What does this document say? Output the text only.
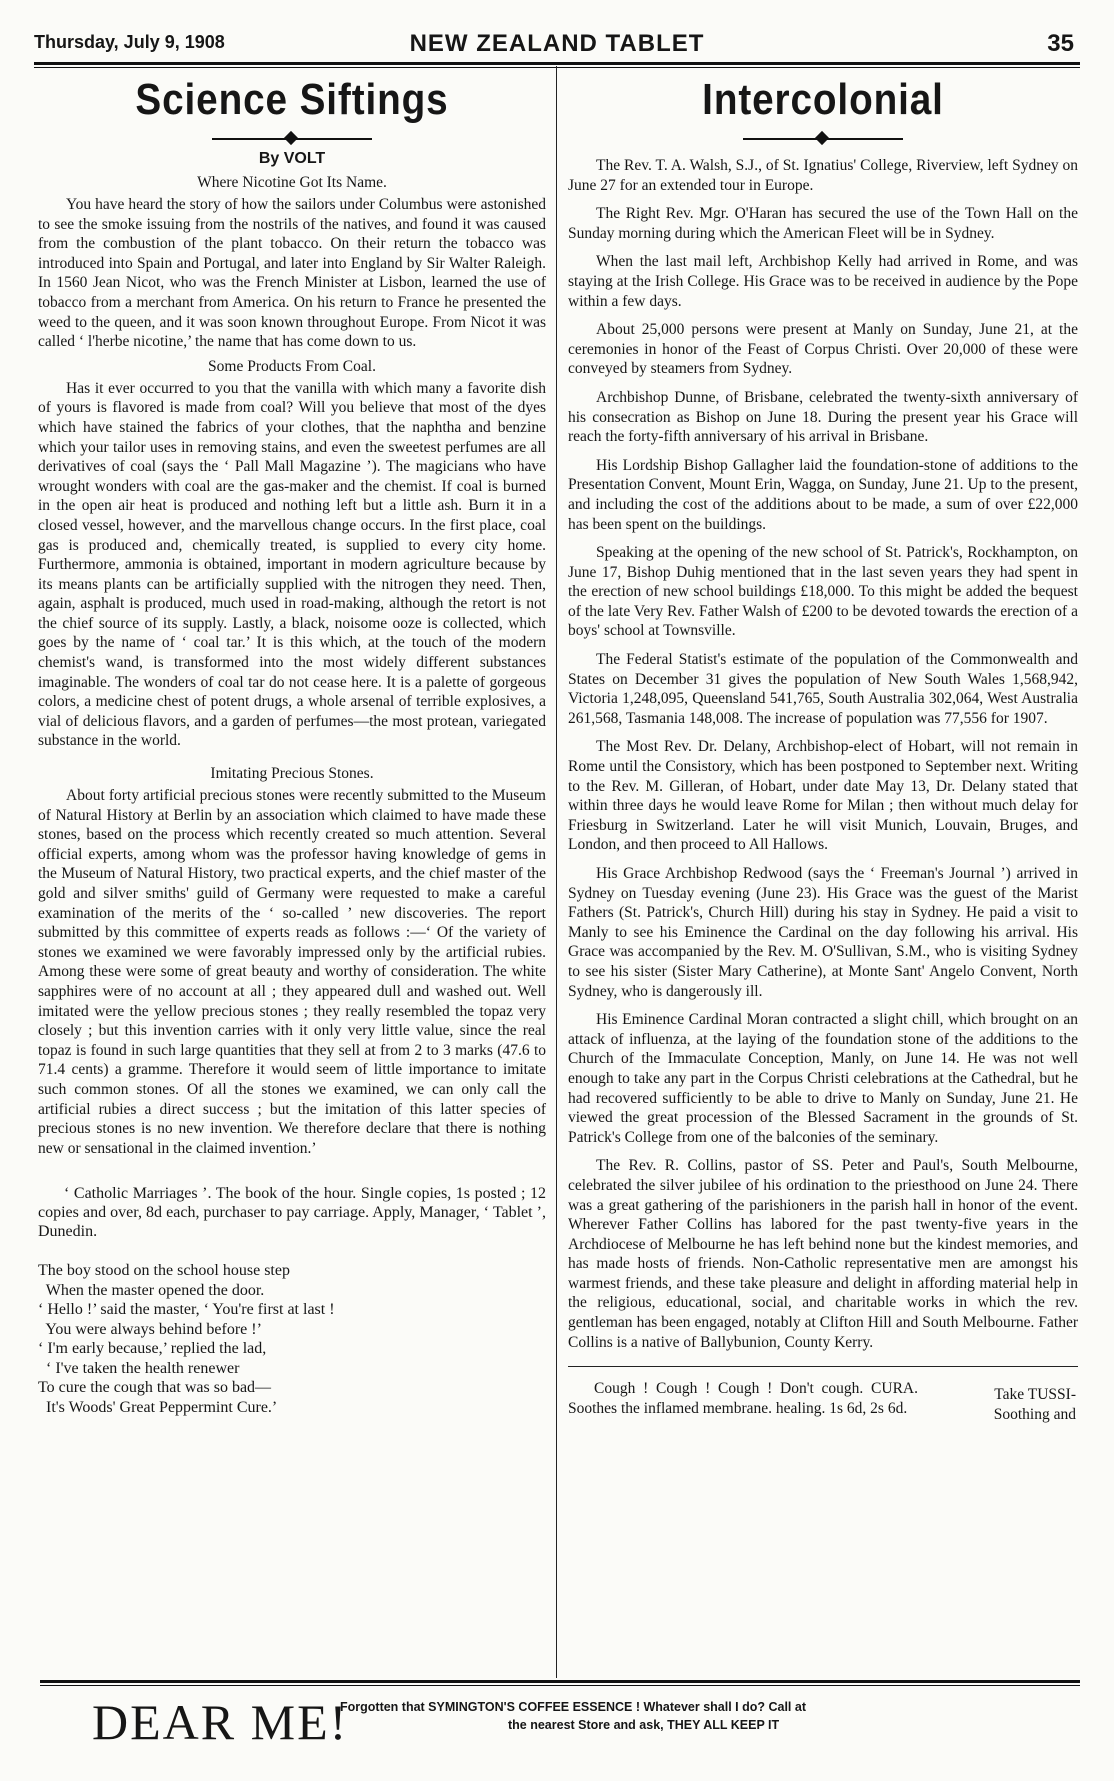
Thursday, July 9, 1908	NEW ZEALAND TABLET	35
Science Siftings
By VOLT
Where Nicotine Got Its Name.

You have heard the story of how the sailors under Columbus were astonished to see the smoke issuing from the nostrils of the natives, and found it was caused from the combustion of the plant tobacco. On their return the tobacco was introduced into Spain and Portugal, and later into England by Sir Walter Raleigh. In 1560 Jean Nicot, who was the French Minister at Lisbon, learned the use of tobacco from a merchant from America. On his return to France he presented the weed to the queen, and it was soon known throughout Europe. From Nicot it was called ‘ l'herbe nicotine,’ the name that has come down to us.

Some Products From Coal.

Has it ever occurred to you that the vanilla with which many a favorite dish of yours is flavored is made from coal? Will you believe that most of the dyes which have stained the fabrics of your clothes, that the naphtha and benzine which your tailor uses in removing stains, and even the sweetest perfumes are all derivatives of coal (says the ‘ Pall Mall Magazine ’). The magicians who have wrought wonders with coal are the gas-maker and the chemist. If coal is burned in the open air heat is produced and nothing left but a little ash. Burn it in a closed vessel, however, and the marvellous change occurs. In the first place, coal gas is produced and, chemically treated, is supplied to every city home. Furthermore, ammonia is obtained, important in modern agriculture because by its means plants can be artificially supplied with the nitrogen they need. Then, again, asphalt is produced, much used in road-making, although the retort is not the chief source of its supply. Lastly, a black, noisome ooze is collected, which goes by the name of ‘ coal tar.’ It is this which, at the touch of the modern chemist's wand, is transformed into the most widely different substances imaginable. The wonders of coal tar do not cease here. It is a palette of gorgeous colors, a medicine chest of potent drugs, a whole arsenal of terrible explosives, a vial of delicious flavors, and a garden of perfumes—the most protean, variegated substance in the world.

Imitating Precious Stones.

About forty artificial precious stones were recently submitted to the Museum of Natural History at Berlin by an association which claimed to have made these stones, based on the process which recently created so much attention. Several official experts, among whom was the professor having knowledge of gems in the Museum of Natural History, two practical experts, and the chief master of the gold and silver smiths' guild of Germany were requested to make a careful examination of the merits of the ‘ so-called ’ new discoveries. The report submitted by this committee of experts reads as follows :—‘ Of the variety of stones we examined we were favorably impressed only by the artificial rubies. Among these were some of great beauty and worthy of consideration. The white sapphires were of no account at all ; they appeared dull and washed out. Well imitated were the yellow precious stones ; they really resembled the topaz very closely ; but this invention carries with it only very little value, since the real topaz is found in such large quantities that they sell at from 2 to 3 marks (47.6 to 71.4 cents) a gramme. Therefore it would seem of little importance to imitate such common stones. Of all the stones we examined, we can only call the artificial rubies a direct success ; but the imitation of this latter species of precious stones is no new invention. We therefore declare that there is nothing new or sensational in the claimed invention.’

‘ Catholic Marriages ’. The book of the hour. Single copies, 1s posted ; 12 copies and over, 8d each, purchaser to pay carriage. Apply, Manager, ‘ Tablet ’, Dunedin.
The boy stood on the school house step
When the master opened the door.
‘ Hello !’ said the master, ‘ You're first at last !
You were always behind before !’
‘ I'm early because,’ replied the lad,
‘ I've taken the health renewer
To cure the cough that was so bad—
It's Woods' Great Peppermint Cure.’
Intercolonial

The Rev. T. A. Walsh, S.J., of St. Ignatius' College, Riverview, left Sydney on June 27 for an extended tour in Europe.

The Right Rev. Mgr. O'Haran has secured the use of the Town Hall on the Sunday morning during which the American Fleet will be in Sydney.

When the last mail left, Archbishop Kelly had arrived in Rome, and was staying at the Irish College. His Grace was to be received in audience by the Pope within a few days.

About 25,000 persons were present at Manly on Sunday, June 21, at the ceremonies in honor of the Feast of Corpus Christi. Over 20,000 of these were conveyed by steamers from Sydney.

Archbishop Dunne, of Brisbane, celebrated the twenty-sixth anniversary of his consecration as Bishop on June 18. During the present year his Grace will reach the forty-fifth anniversary of his arrival in Brisbane.

His Lordship Bishop Gallagher laid the foundation-stone of additions to the Presentation Convent, Mount Erin, Wagga, on Sunday, June 21. Up to the present, and including the cost of the additions about to be made, a sum of over £22,000 has been spent on the buildings.

Speaking at the opening of the new school of St. Patrick's, Rockhampton, on June 17, Bishop Duhig mentioned that in the last seven years they had spent in the erection of new school buildings £18,000. To this might be added the bequest of the late Very Rev. Father Walsh of £200 to be devoted towards the erection of a boys' school at Townsville.

The Federal Statist's estimate of the population of the Commonwealth and States on December 31 gives the population of New South Wales 1,568,942, Victoria 1,248,095, Queensland 541,765, South Australia 302,064, West Australia 261,568, Tasmania 148,008. The increase of population was 77,556 for 1907.

The Most Rev. Dr. Delany, Archbishop-elect of Hobart, will not remain in Rome until the Consistory, which has been postponed to September next. Writing to the Rev. M. Gilleran, of Hobart, under date May 13, Dr. Delany stated that within three days he would leave Rome for Milan ; then without much delay for Friesburg in Switzerland. Later he will visit Munich, Louvain, Bruges, and London, and then proceed to All Hallows.

His Grace Archbishop Redwood (says the ‘ Freeman's Journal ’) arrived in Sydney on Tuesday evening (June 23). His Grace was the guest of the Marist Fathers (St. Patrick's, Church Hill) during his stay in Sydney. He paid a visit to Manly to see his Eminence the Cardinal on the day following his arrival. His Grace was accompanied by the Rev. M. O'Sullivan, S.M., who is visiting Sydney to see his sister (Sister Mary Catherine), at Monte Sant' Angelo Convent, North Sydney, who is dangerously ill.

His Eminence Cardinal Moran contracted a slight chill, which brought on an attack of influenza, at the laying of the foundation stone of the additions to the Church of the Immaculate Conception, Manly, on June 14. He was not well enough to take any part in the Corpus Christi celebrations at the Cathedral, but he had recovered sufficiently to be able to drive to Manly on Sunday, June 21. He viewed the great procession of the Blessed Sacrament in the grounds of St. Patrick's College from one of the balconies of the seminary.

The Rev. R. Collins, pastor of SS. Peter and Paul's, South Melbourne, celebrated the silver jubilee of his ordination to the priesthood on June 24. There was a great gathering of the parishioners in the parish hall in honor of the event. Wherever Father Collins has labored for the past twenty-five years in the Archdiocese of Melbourne he has left behind none but the kindest memories, and has made hosts of friends. Non-Catholic representative men are amongst his warmest friends, and these take pleasure and delight in affording material help in the religious, educational, social, and charitable works in which the rev. gentleman has been engaged, notably at Clifton Hill and South Melbourne. Father Collins is a native of Ballybunion, County Kerry.

Cough ! Cough ! Cough ! Don't cough. CURA. Soothes the inflamed membrane. healing. 1s 6d, 2s 6d.
Take TUSSI- Soothing and
DEAR ME!
Forgotten that SYMINGTON'S COFFEE ESSENCE ! Whatever shall I do? Call at
the nearest Store and ask, THEY ALL KEEP IT
